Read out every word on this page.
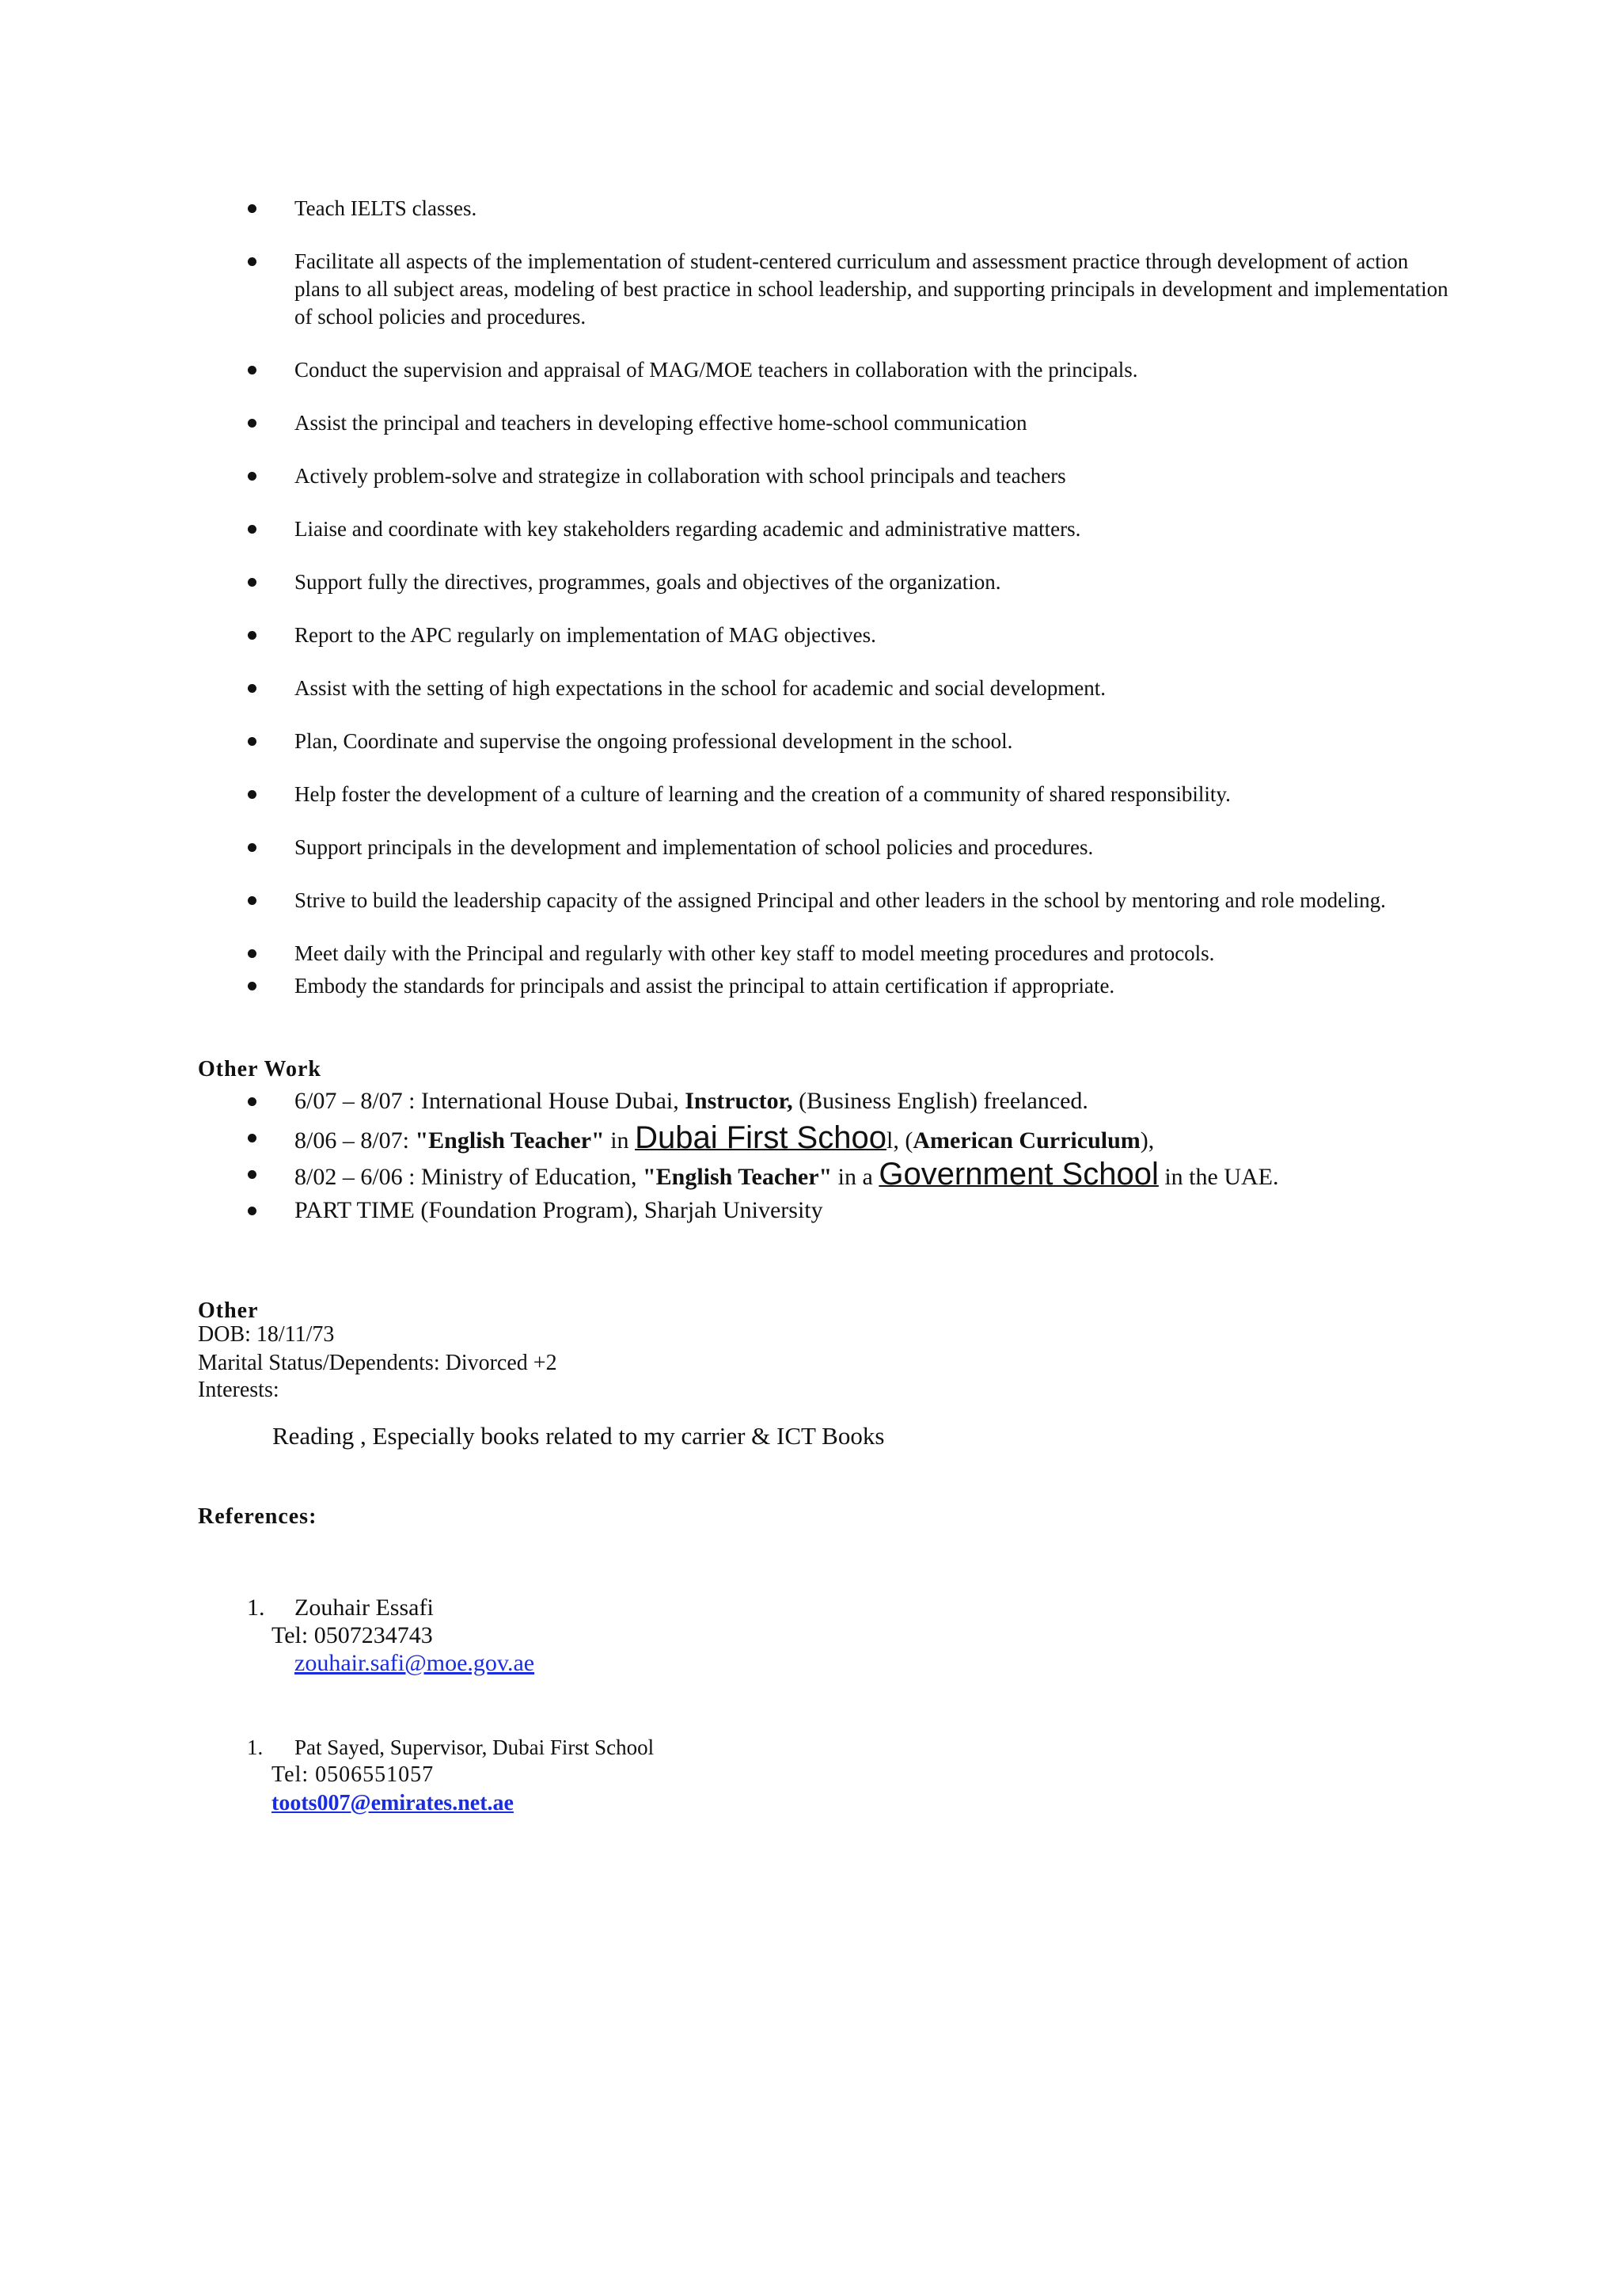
Teach IELTS classes.
Facilitate all aspects of the implementation of student-centered curriculum and assessment practice through development of action plans to all subject areas, modeling of best practice in school leadership, and supporting principals in development and implementation of school policies and procedures.
Conduct the supervision and appraisal of MAG/MOE teachers in collaboration with the principals.
Assist the principal and teachers in developing effective home-school communication
Actively problem-solve and strategize in collaboration with school principals and teachers
Liaise and coordinate with key stakeholders regarding academic and administrative matters.
Support fully the directives, programmes, goals and objectives of the organization.
Report to the APC regularly on implementation of MAG objectives.
Assist with the setting of high expectations in the school for academic and social development.
Plan, Coordinate and supervise the ongoing professional development in the school.
Help foster the development of a culture of learning and the creation of a community of shared responsibility.
Support principals in the development and implementation of school policies and procedures.
Strive to build the leadership capacity of the assigned Principal and other leaders in the school by mentoring and role modeling.
Meet daily with the Principal and regularly with other key staff to model meeting procedures and protocols.
Embody the standards for principals and assist the principal to attain certification if appropriate.
Other Work
6/07 – 8/07 : International House Dubai, Instructor, (Business English) freelanced.
8/06 – 8/07: "English Teacher" in Dubai First School, (American Curriculum),
8/02 – 6/06 : Ministry of Education, "English Teacher" in a Government School in the UAE.
PART TIME (Foundation Program), Sharjah University
Other
DOB: 18/11/73
Marital Status/Dependents: Divorced +2
Interests:
Reading , Especially books related to my carrier & ICT Books
References:
1. Zouhair Essafi
Tel: 0507234743
zouhair.safi@moe.gov.ae
1. Pat Sayed, Supervisor, Dubai First School
Tel: 0506551057
toots007@emirates.net.ae
